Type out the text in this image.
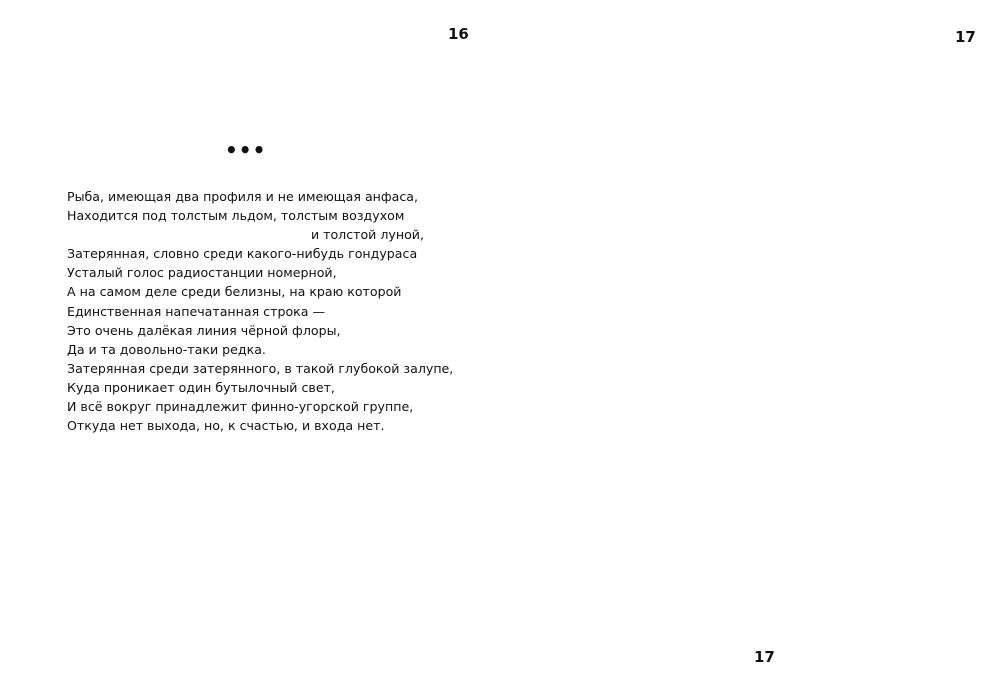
16	17
•••
Рыба, имеющая два профиля и не имеющая анфаса,
Находится под толстым льдом, толстым воздухом
и толстой луной,
Затерянная, словно среди какого-нибудь гондураса
Усталый голос радиостанции номерной,
А на самом деле среди белизны, на краю которой
Единственная напечатанная строка —
Это очень далёкая линия чёрной флоры,
Да и та довольно-таки редка.
Затерянная среди затерянного, в такой глубокой залупе,
Куда проникает один бутылочный свет,
И всё вокруг принадлежит финно-угорской группе,
Откуда нет выхода, но, к счастью, и входа нет.
17
